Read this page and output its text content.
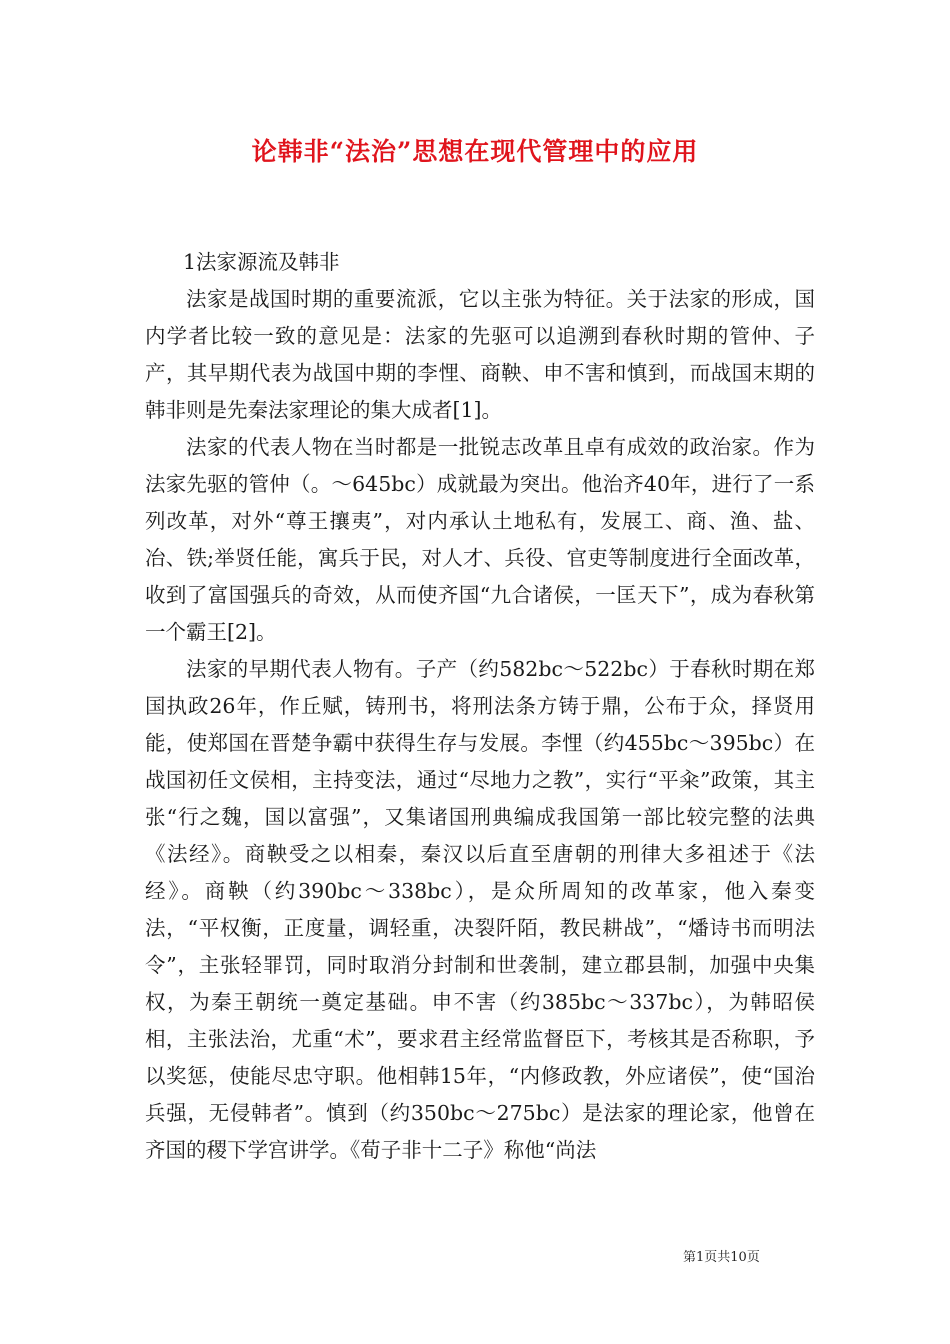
论韩非“法治”思想在现代管理中的应用

1法家源流及韩非

法家是战国时期的重要流派，它以主张为特征。关于法家的形成，国内学者比较一致的意见是：法家的先驱可以追溯到春秋时期的管仲、子产，其早期代表为战国中期的李悝、商鞅、申不害和慎到，而战国末期的韩非则是先秦法家理论的集大成者[1]。

法家的代表人物在当时都是一批锐志改革且卓有成效的政治家。作为法家先驱的管仲（。～645bc）成就最为突出。他治齐40年，进行了一系列改革，对外“尊王攘夷”，对内承认土地私有，发展工、商、渔、盐、冶、铁;举贤任能，寓兵于民，对人才、兵役、官吏等制度进行全面改革，收到了富国强兵的奇效，从而使齐国“九合诸侯，一匡天下”，成为春秋第一个霸王[2]。

法家的早期代表人物有。子产（约582bc～522bc）于春秋时期在郑国执政26年，作丘赋，铸刑书，将刑法条方铸于鼎，公布于众，择贤用能，使郑国在晋楚争霸中获得生存与发展。李悝（约455bc～395bc）在战国初任文侯相，主持变法，通过“尽地力之教”，实行“平籴”政策，其主张“行之魏，国以富强”，又集诸国刑典编成我国第一部比较完整的法典《法经》。商鞅受之以相秦，秦汉以后直至唐朝的刑律大多祖述于《法经》。商鞅（约390bc～338bc），是众所周知的改革家，他入秦变法，“平权衡，正度量，调轻重，决裂阡陌，教民耕战”，“燔诗书而明法令”，主张轻罪罚，同时取消分封制和世袭制，建立郡县制，加强中央集权，为秦王朝统一奠定基础。申不害（约385bc～337bc），为韩昭侯相，主张法治，尤重“术”，要求君主经常监督臣下，考核其是否称职，予以奖惩，使能尽忠守职。他相韩15年，“内修政教，外应诸侯”，使“国治兵强，无侵韩者”。慎到（约350bc～275bc）是法家的理论家，他曾在齐国的稷下学宫讲学。《荀子非十二子》称他“尚法

第1页共10页
